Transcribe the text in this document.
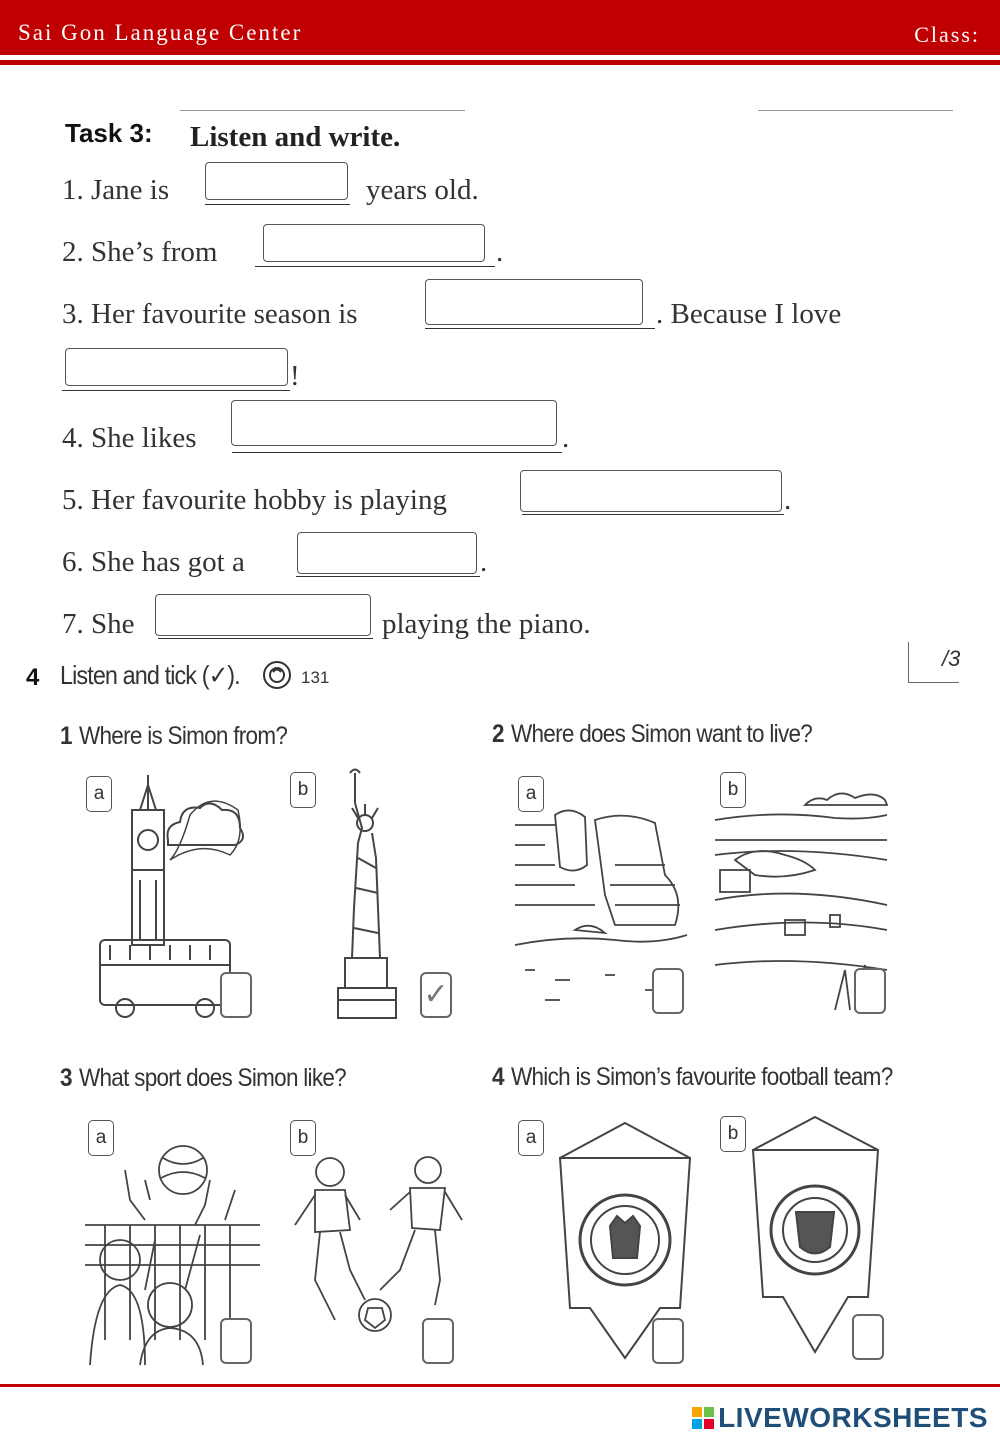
Sai Gon Language Center	Class:
Task 3: Listen and write.
1. Jane is	years old.
2. She’s from	.
3. Her favourite season is	. Because I love
!
4. She likes	.
5. Her favourite hobby is playing	.
6. She has got a	.
7. She	playing the piano.
4 Listen and tick (✓).	131
/3
1 Where is Simon from?
a	b
✓
2 Where does Simon want to live?
a	b
3 What sport does Simon like?
a	b
4 Which is Simon’s favourite football team?
a	b
LIVEWORKSHEETS
